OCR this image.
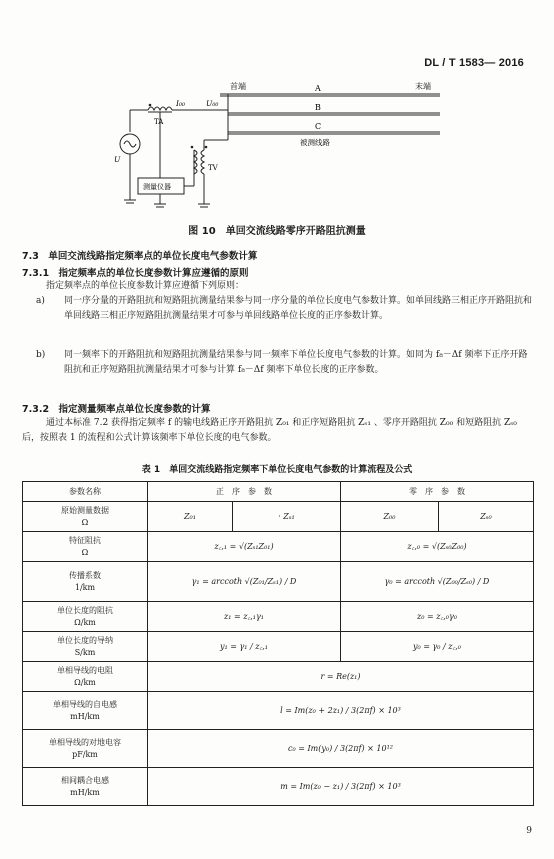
DL / T 1583— 2016
首端	末端
A
B
C
被测线路
TA
TV
I₀₀	U₀₀
U
测量仪器
图 10　单回交流线路零序开路阻抗测量
7.3　单回交流线路指定频率点的单位长度电气参数计算
7.3.1　指定频率点的单位长度参数计算应遵循的原则
指定频率点的单位长度参数计算应遵循下列原则：
a) 同一序分量的开路阻抗和短路阻抗测量结果参与同一序分量的单位长度电气参数计算。如单回线路三相正序开路阻抗和单回线路三相正序短路阻抗测量结果才可参与单回线路单位长度的正序参数计算。
b) 同一频率下的开路阻抗和短路阻抗测量结果参与同一频率下单位长度电气参数的计算。如同为 f₈－Δf 频率下正序开路阻抗和正序短路阻抗测量结果才可参与计算 f₈－Δf 频率下单位长度的正序参数。
7.3.2　指定测量频率点单位长度参数的计算
通过本标准 7.2 获得指定频率 f 的输电线路正序开路阻抗 Z₀₁ 和正序短路阻抗 Zₛ₁ 、零序开路阻抗 Z₀₀ 和短路阻抗 Zₛ₀ 后，按照表 1 的流程和公式计算该频率下单位长度的电气参数。
表 1　单回交流线路指定频率下单位长度电气参数的计算流程及公式
参数名称	正　序　参　数		零　序　参　数	
原始测量数据
Ω	Z₀₁	· Zₛ₁	Z₀₀	Zₛ₀
特征阻抗
Ω	z꜀,₁ = √(Zₛ₁Z₀₁)		z꜀,₀ = √(Zₛ₀Z₀₀)	
传播系数
1/km	γ₁ = arccoth √(Z₀₁/Zₛ₁) / D		γ₀ = arccoth √(Z₀₀/Zₛ₀) / D	
单位长度的阻抗
Ω/km	z₁ = z꜀,₁γ₁		z₀ = z꜀,₀γ₀	
单位长度的导纳
S/km	y₁ = γ₁ / z꜀,₁		y₀ = γ₀ / z꜀,₀	
单相导线的电阻
Ω/km	r = Re(z₁)			
单相导线的自电感
mH/km	l = Im(z₀ + 2z₁) / 3(2πf) × 10³			
单相导线的对地电容
pF/km	c₀ = Im(y₀) / 3(2πf) × 10¹²			
相间耦合电感
mH/km	m = Im(z₀ − z₁) / 3(2πf) × 10³			
9
